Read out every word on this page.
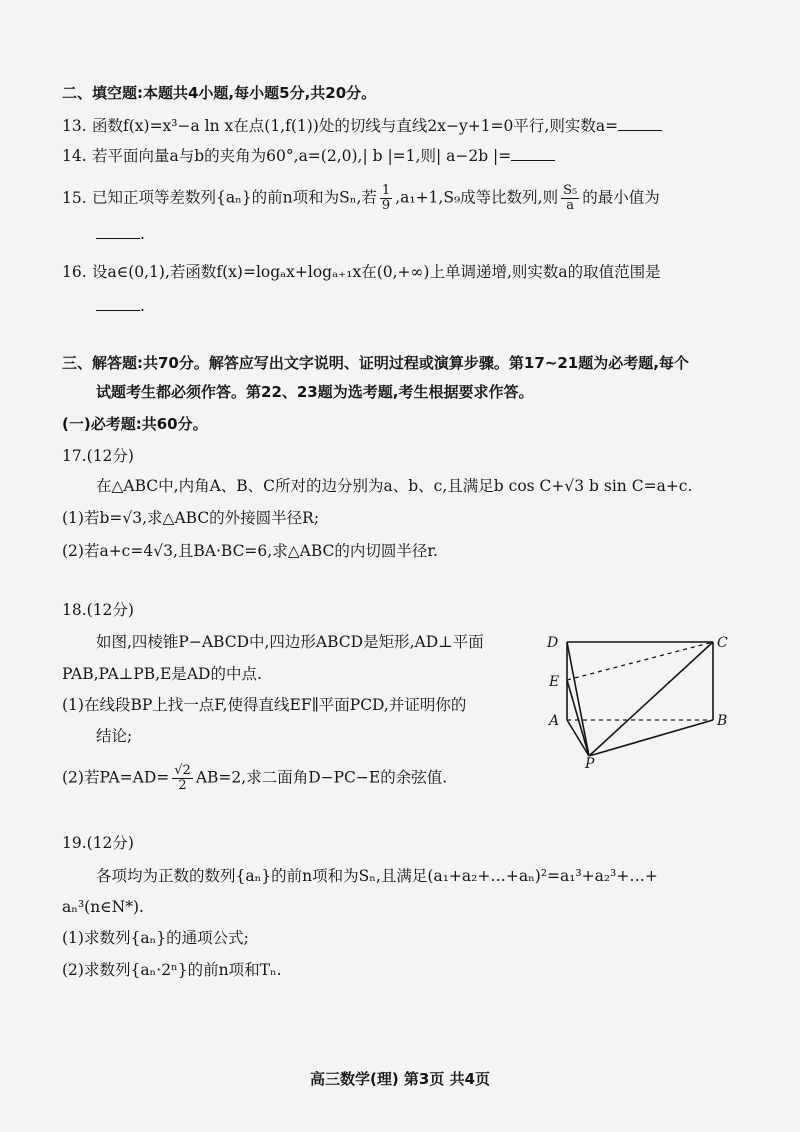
二、填空题:本题共4小题,每小题5分,共20分。
13. 函数f(x)=x³−a ln x在点(1,f(1))处的切线与直线2x−y+1=0平行,则实数a=
14. 若平面向量a与b的夹角为60°,a=(2,0),| b |=1,则| a−2b |=
15. 已知正项等差数列{aₙ}的前n项和为Sₙ,若 $\frac{1}{9} ,a_1+1,S_9$成等比数列,则 $\frac{\text{S₅}}{a}$ 的最小值为
.
16. 设a∈(0,1),若函数f(x)=logₐx+logₐ₊₁x在(0,+∞)上单调递增,则实数a的取值范围是
.
三、解答题:共70分。解答应写出文字说明、证明过程或演算步骤。第17~21题为必考题,每个
试题考生都必须作答。第22、23题为选考题,考生根据要求作答。
(一)必考题:共60分。
17.(12分)
在△ABC中,内角A、B、C所对的边分别为a、b、c,且满足b cos C+√3 b sin C=a+c.
(1)若b=√3,求△ABC的外接圆半径R;
(2)若a+c=4√3,且BA·BC=6,求△ABC的内切圆半径r.
18.(12分)
如图,四棱锥P−ABCD中,四边形ABCD是矩形,AD⊥平面
PAB,PA⊥PB,E是AD的中点.
(1)在线段BP上找一点F,使得直线EF∥平面PCD,并证明你的
结论;
(2)若$PA=AD= \frac{√2}{2} AB=2$,求二面角D−PC−E的余弦值.
D	C
E
A	B
P
19.(12分)
各项均为正数的数列{aₙ}的前n项和为Sₙ,且满足(a₁+a₂+…+aₙ)²=a₁³+a₂³+…+
aₙ³(n∈N*).
(1)求数列{aₙ}的通项公式;
(2)求数列{aₙ·2ⁿ}的前n项和Tₙ.
高三数学(理) 第3页 共4页
